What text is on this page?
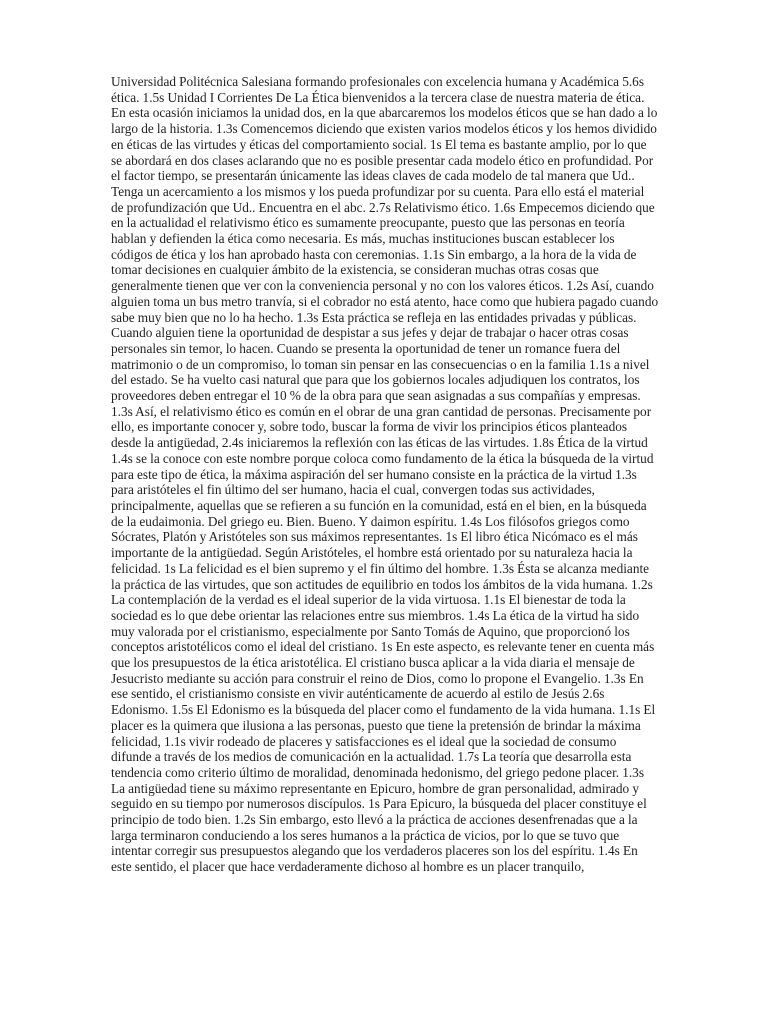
Universidad Politécnica Salesiana formando profesionales con excelencia humana y Académica 5.6s ética. 1.5s Unidad I Corrientes De La Ética bienvenidos a la tercera clase de nuestra materia de ética. En esta ocasión iniciamos la unidad dos, en la que abarcaremos los modelos éticos que se han dado a lo largo de la historia. 1.3s Comencemos diciendo que existen varios modelos éticos y los hemos dividido en éticas de las virtudes y éticas del comportamiento social. 1s El tema es bastante amplio, por lo que se abordará en dos clases aclarando que no es posible presentar cada modelo ético en profundidad. Por el factor tiempo, se presentarán únicamente las ideas claves de cada modelo de tal manera que Ud.. Tenga un acercamiento a los mismos y los pueda profundizar por su cuenta. Para ello está el material de profundización que Ud.. Encuentra en el abc. 2.7s Relativismo ético. 1.6s Empecemos diciendo que en la actualidad el relativismo ético es sumamente preocupante, puesto que las personas en teoría hablan y defienden la ética como necesaria. Es más, muchas instituciones buscan establecer los códigos de ética y los han aprobado hasta con ceremonias. 1.1s Sin embargo, a la hora de la vida de tomar decisiones en cualquier ámbito de la existencia, se consideran muchas otras cosas que generalmente tienen que ver con la conveniencia personal y no con los valores éticos. 1.2s Así, cuando alguien toma un bus metro tranvía, si el cobrador no está atento, hace como que hubiera pagado cuando sabe muy bien que no lo ha hecho. 1.3s Esta práctica se refleja en las entidades privadas y públicas. Cuando alguien tiene la oportunidad de despistar a sus jefes y dejar de trabajar o hacer otras cosas personales sin temor, lo hacen. Cuando se presenta la oportunidad de tener un romance fuera del matrimonio o de un compromiso, lo toman sin pensar en las consecuencias o en la familia 1.1s a nivel del estado. Se ha vuelto casi natural que para que los gobiernos locales adjudiquen los contratos, los proveedores deben entregar el 10 % de la obra para que sean asignadas a sus compañías y empresas. 1.3s Así, el relativismo ético es común en el obrar de una gran cantidad de personas. Precisamente por ello, es importante conocer y, sobre todo, buscar la forma de vivir los principios éticos planteados desde la antigüedad, 2.4s iniciaremos la reflexión con las éticas de las virtudes. 1.8s Ética de la virtud 1.4s se la conoce con este nombre porque coloca como fundamento de la ética la búsqueda de la virtud para este tipo de ética, la máxima aspiración del ser humano consiste en la práctica de la virtud 1.3s para aristóteles el fin último del ser humano, hacia el cual, convergen todas sus actividades, principalmente, aquellas que se refieren a su función en la comunidad, está en el bien, en la búsqueda de la eudaimonia. Del griego eu. Bien. Bueno. Y daimon espíritu. 1.4s Los filósofos griegos como Sócrates, Platón y Aristóteles son sus máximos representantes. 1s El libro ética Nicómaco es el más importante de la antigüedad. Según Aristóteles, el hombre está orientado por su naturaleza hacia la felicidad. 1s La felicidad es el bien supremo y el fin último del hombre. 1.3s Ésta se alcanza mediante la práctica de las virtudes, que son actitudes de equilibrio en todos los ámbitos de la vida humana. 1.2s La contemplación de la verdad es el ideal superior de la vida virtuosa. 1.1s El bienestar de toda la sociedad es lo que debe orientar las relaciones entre sus miembros. 1.4s La ética de la virtud ha sido muy valorada por el cristianismo, especialmente por Santo Tomás de Aquino, que proporcionó los conceptos aristotélicos como el ideal del cristiano. 1s En este aspecto, es relevante tener en cuenta más que los presupuestos de la ética aristotélica. El cristiano busca aplicar a la vida diaria el mensaje de Jesucristo mediante su acción para construir el reino de Dios, como lo propone el Evangelio. 1.3s En ese sentido, el cristianismo consiste en vivir auténticamente de acuerdo al estilo de Jesús 2.6s Edonismo. 1.5s El Edonismo es la búsqueda del placer como el fundamento de la vida humana. 1.1s El placer es la quimera que ilusiona a las personas, puesto que tiene la pretensión de brindar la máxima felicidad, 1.1s vivir rodeado de placeres y satisfacciones es el ideal que la sociedad de consumo difunde a través de los medios de comunicación en la actualidad. 1.7s La teoría que desarrolla esta tendencia como criterio último de moralidad, denominada hedonismo, del griego pedone placer. 1.3s La antigüedad tiene su máximo representante en Epicuro, hombre de gran personalidad, admirado y seguido en su tiempo por numerosos discípulos. 1s Para Epicuro, la búsqueda del placer constituye el principio de todo bien. 1.2s Sin embargo, esto llevó a la práctica de acciones desenfrenadas que a la larga terminaron conduciendo a los seres humanos a la práctica de vicios, por lo que se tuvo que intentar corregir sus presupuestos alegando que los verdaderos placeres son los del espíritu. 1.4s En este sentido, el placer que hace verdaderamente dichoso al hombre es un placer tranquilo,
